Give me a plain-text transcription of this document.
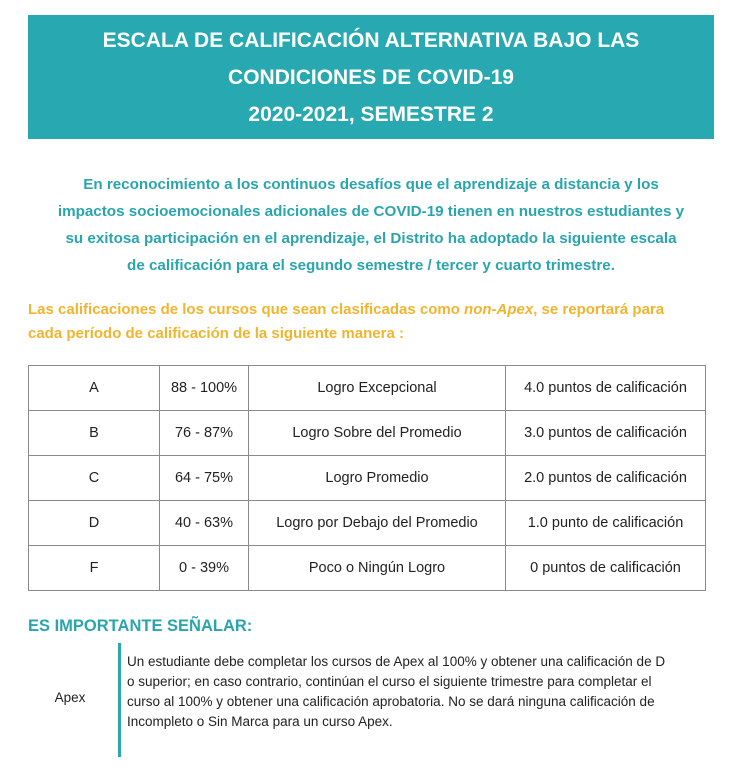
ESCALA DE CALIFICACIÓN ALTERNATIVA BAJO LAS
CONDICIONES DE COVID-19
2020-2021, SEMESTRE 2
En reconocimiento a los continuos desafíos que el aprendizaje a distancia y los
impactos socioemocionales adicionales de COVID-19 tienen en nuestros estudiantes y
su exitosa participación en el aprendizaje, el Distrito ha adoptado la siguiente escala
de calificación para el segundo semestre / tercer y cuarto trimestre.
Las calificaciones de los cursos que sean clasificadas como non-Apex, se reportará para
cada período de calificación de la siguiente manera :
A	88 - 100%	Logro Excepcional	4.0 puntos de calificación
B	76 - 87%	Logro Sobre del Promedio	3.0 puntos de calificación
C	64 - 75%	Logro Promedio	2.0 puntos de calificación
D	40 - 63%	Logro por Debajo del Promedio	1.0 punto de calificación
F	0 - 39%	Poco o Ningún Logro	0 puntos de calificación
ES IMPORTANTE SEÑALAR:
Apex
Un estudiante debe completar los cursos de Apex al 100% y obtener una calificación de D
o superior; en caso contrario, continúan el curso el siguiente trimestre para completar el
curso al 100% y obtener una calificación aprobatoria. No se dará ninguna calificación de
Incompleto o Sin Marca para un curso Apex.
